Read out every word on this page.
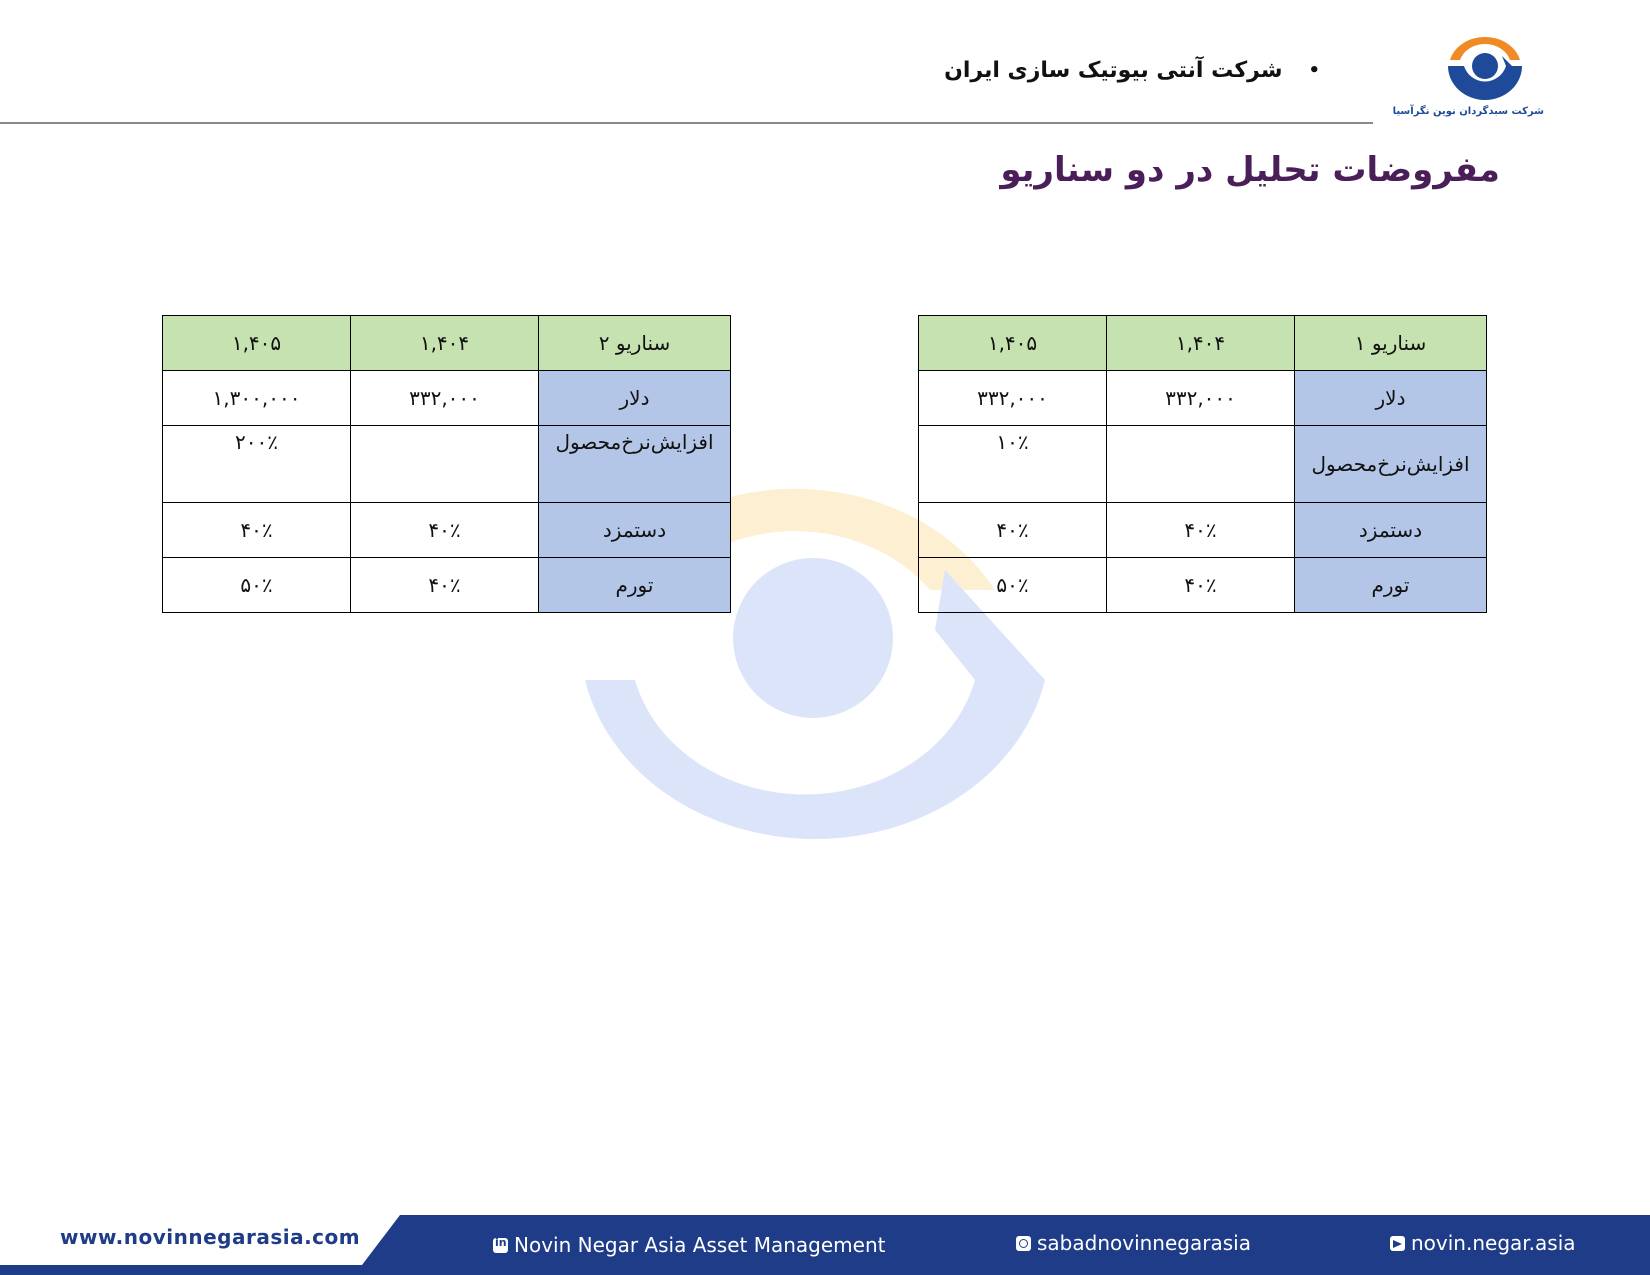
شرکت سبدگردان نوین نگرآسیا
•
شرکت آنتی بیوتیک سازی ایران
مفروضات تحلیل در دو سناریو
سناریو ۱	۱,۴۰۴	۱,۴۰۵
دلار	۳۳۲,۰۰۰	۳۳۲,۰۰۰
افزایش‌نرخ‌محصول		۱۰٪
دستمزد	۴۰٪	۴۰٪
تورم	۴۰٪	۵۰٪
سناریو ۲	۱,۴۰۴	۱,۴۰۵
دلار	۳۳۲,۰۰۰	۱,۳۰۰,۰۰۰
افزایش‌نرخ‌محصول		۲۰۰٪
دستمزد	۴۰٪	۴۰٪
تورم	۴۰٪	۵۰٪
www.novinnegarasia.com in	Novin Negar Asia Asset Management	sabadnovinnegarasia	novin.negar.asia
